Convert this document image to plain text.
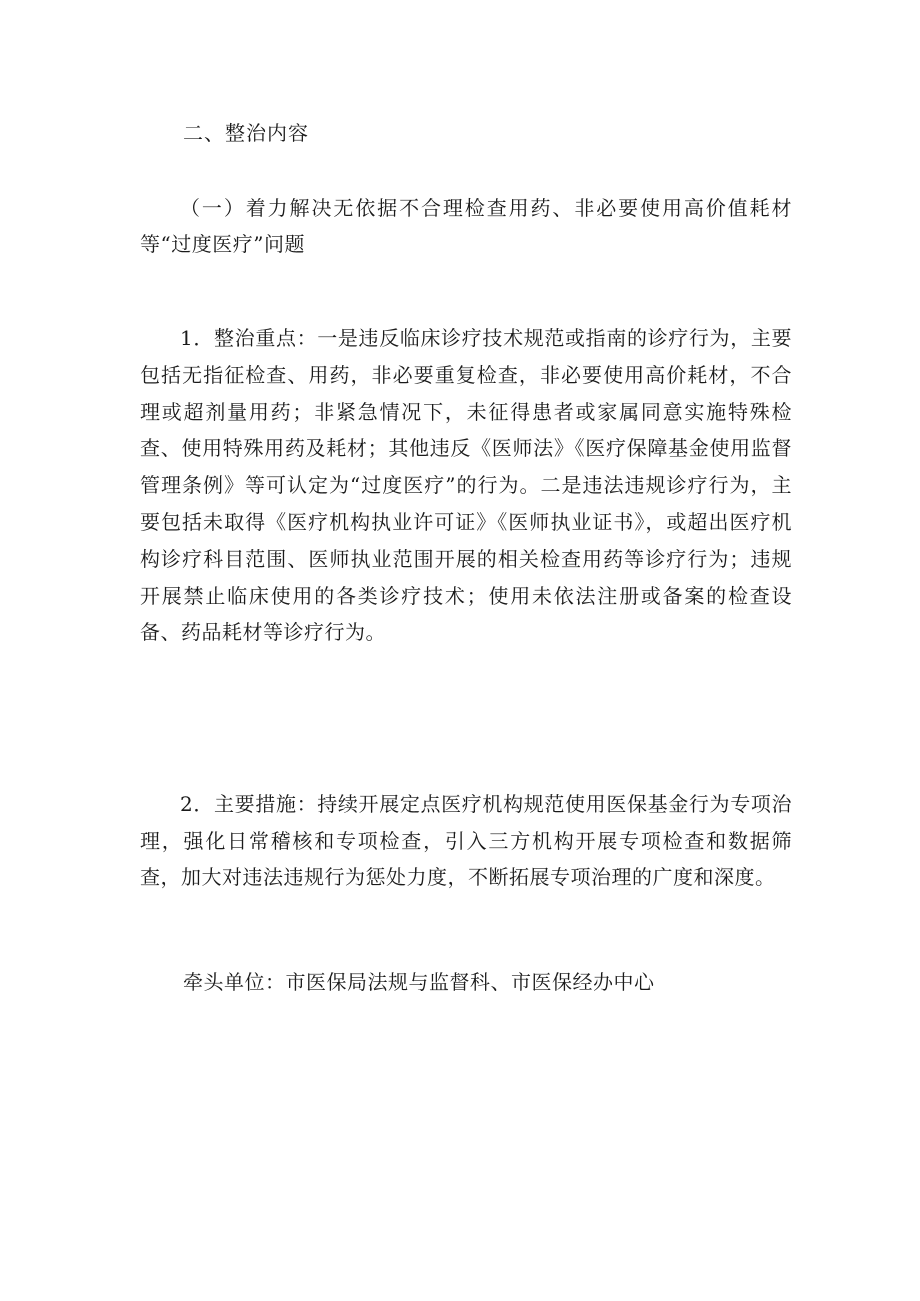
二、整治内容

（一）着力解决无依据不合理检查用药、非必要使用高价值耗材等“过度医疗”问题

1．整治重点：一是违反临床诊疗技术规范或指南的诊疗行为，主要包括无指征检查、用药，非必要重复检查，非必要使用高价耗材，不合理或超剂量用药；非紧急情况下，未征得患者或家属同意实施特殊检查、使用特殊用药及耗材；其他违反《医师法》《医疗保障基金使用监督管理条例》等可认定为“过度医疗”的行为。二是违法违规诊疗行为，主要包括未取得《医疗机构执业许可证》《医师执业证书》，或超出医疗机构诊疗科目范围、医师执业范围开展的相关检查用药等诊疗行为；违规开展禁止临床使用的各类诊疗技术；使用未依法注册或备案的检查设备、药品耗材等诊疗行为。

2．主要措施：持续开展定点医疗机构规范使用医保基金行为专项治理，强化日常稽核和专项检查，引入三方机构开展专项检查和数据筛查，加大对违法违规行为惩处力度，不断拓展专项治理的广度和深度。

牵头单位：市医保局法规与监督科、市医保经办中心
